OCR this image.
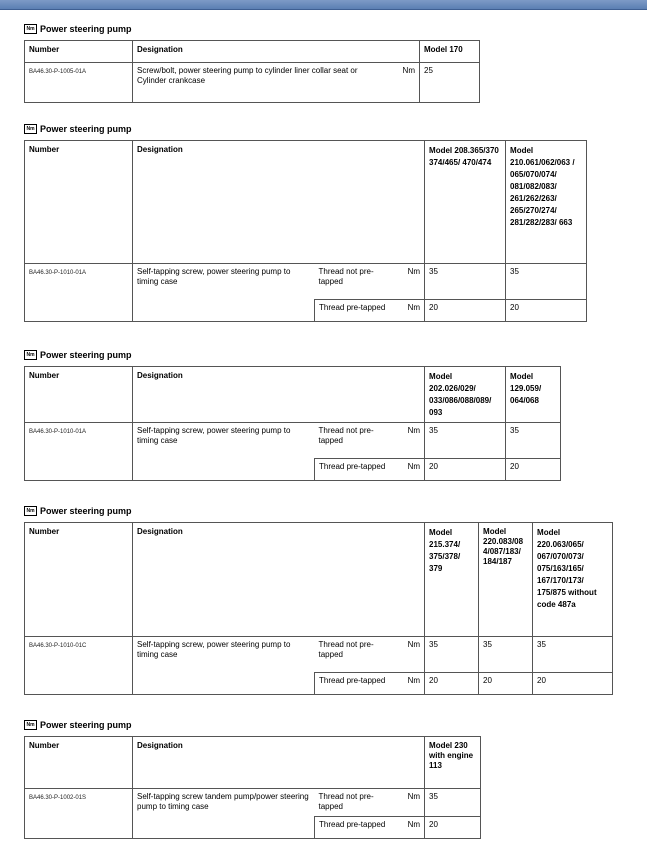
Nm Power steering pump
Number	Designation		Model 170
BA46.30-P-1005-01A	Screw/bolt, power steering pump to cylinder liner collar seat or Cylinder crankcase	Nm	25
Nm Power steering pump
Number	Designation			Model 208.365/370 374/465/ 470/474	Model 210.061/062/063 / 065/070/074/ 081/082/083/ 261/262/263/ 265/270/274/ 281/282/283/ 663
BA46.30-P-1010-01A	Self-tapping screw, power steering pump to timing case	Thread not pre-tapped	Nm	35	35
		Thread pre-tapped	Nm	20	20
Nm Power steering pump
Number	Designation			Model 202.026/029/ 033/086/088/089/ 093	Model 129.059/ 064/068
BA46.30-P-1010-01A	Self-tapping screw, power steering pump to timing case	Thread not pre-tapped	Nm	35	35
		Thread pre-tapped	Nm	20	20
Nm Power steering pump
Number	Designation			Model 215.374/ 375/378/ 379	Model 220.083/08 4/087/183/ 184/187	Model 220.063/065/ 067/070/073/ 075/163/165/ 167/170/173/ 175/875 without code 487a
BA46.30-P-1010-01C	Self-tapping screw, power steering pump to timing case	Thread not pre-tapped	Nm	35	35	35
		Thread pre-tapped	Nm	20	20	20
Nm Power steering pump
Number	Designation			Model 230 with engine 113
BA46.30-P-1002-01S	Self-tapping screw tandem pump/power steering pump to timing case	Thread not pre-tapped	Nm	35
		Thread pre-tapped	Nm	20
